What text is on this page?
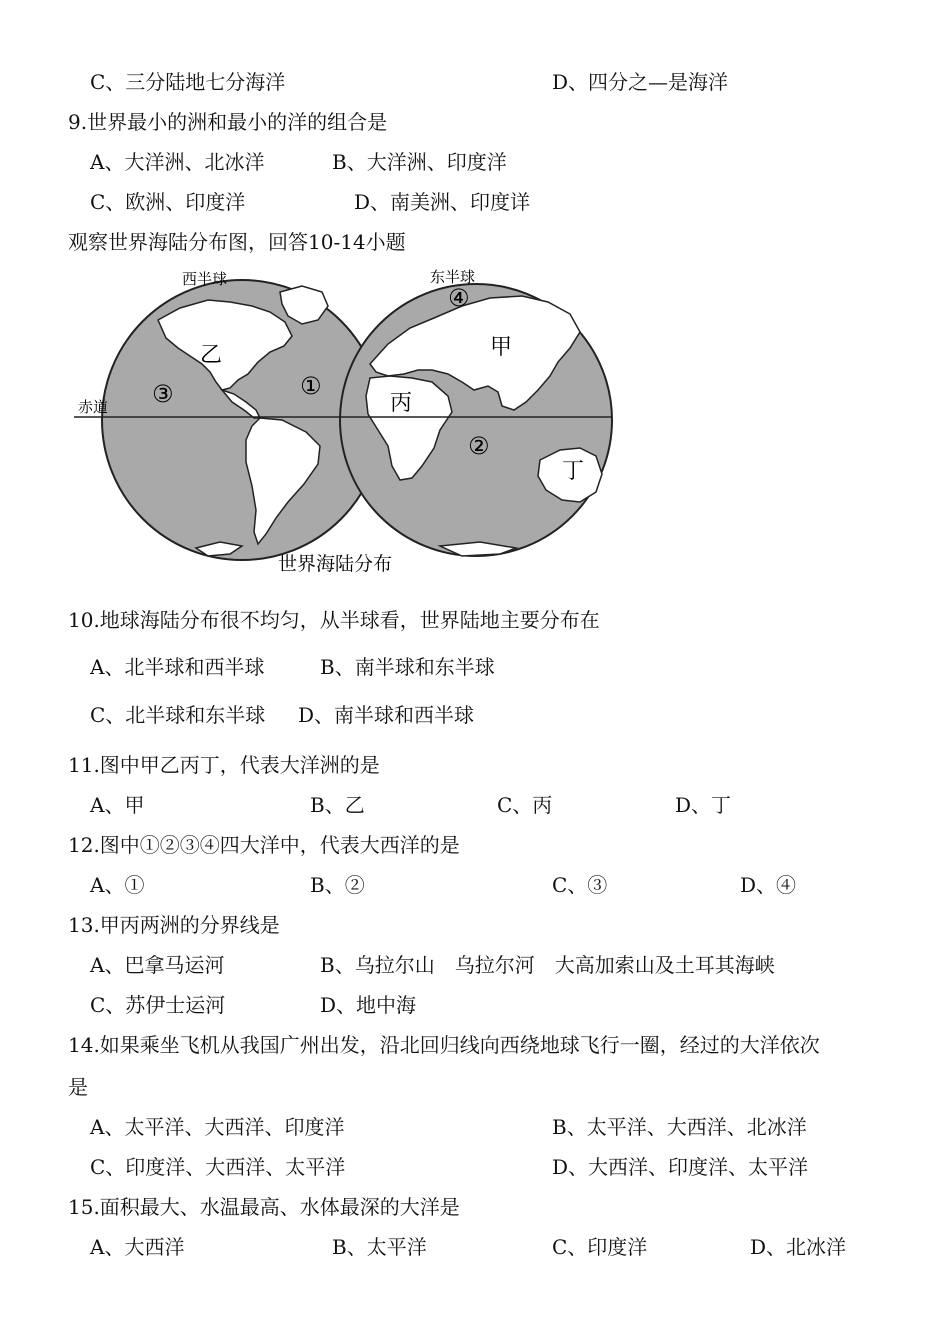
C、三分陆地七分海洋	D、四分之—是海洋
9.世界最小的洲和最小的洋的组合是
A、大洋洲、北冰洋	B、大洋洲、印度洋
C、欧洲、印度洋	D、南美洲、印度详
观察世界海陆分布图，回答10-14小题
西半球	东半球
赤道
乙	甲
丙
丁
③	①
②
④
世界海陆分布
10.地球海陆分布很不均匀，从半球看，世界陆地主要分布在
A、北半球和西半球	B、南半球和东半球
C、北半球和东半球 D、南半球和西半球
11.图中甲乙丙丁，代表大洋洲的是
A、甲	B、乙	C、丙	D、丁
12.图中①②③④四大洋中，代表大西洋的是
A、①	B、②	C、③	D、④
13.甲丙两洲的分界线是
A、巴拿马运河	B、乌拉尔山　乌拉尔河　大高加索山及土耳其海峡
C、苏伊士运河	D、地中海
14.如果乘坐飞机从我国广州出发，沿北回归线向西绕地球飞行一圈，经过的大洋依次
是
A、太平洋、大西洋、印度洋	B、太平洋、大西洋、北冰洋
C、印度洋、大西洋、太平洋	D、大西洋、印度洋、太平洋
15.面积最大、水温最高、水体最深的大洋是
A、大西洋	B、太平洋	C、印度洋	D、北冰洋
